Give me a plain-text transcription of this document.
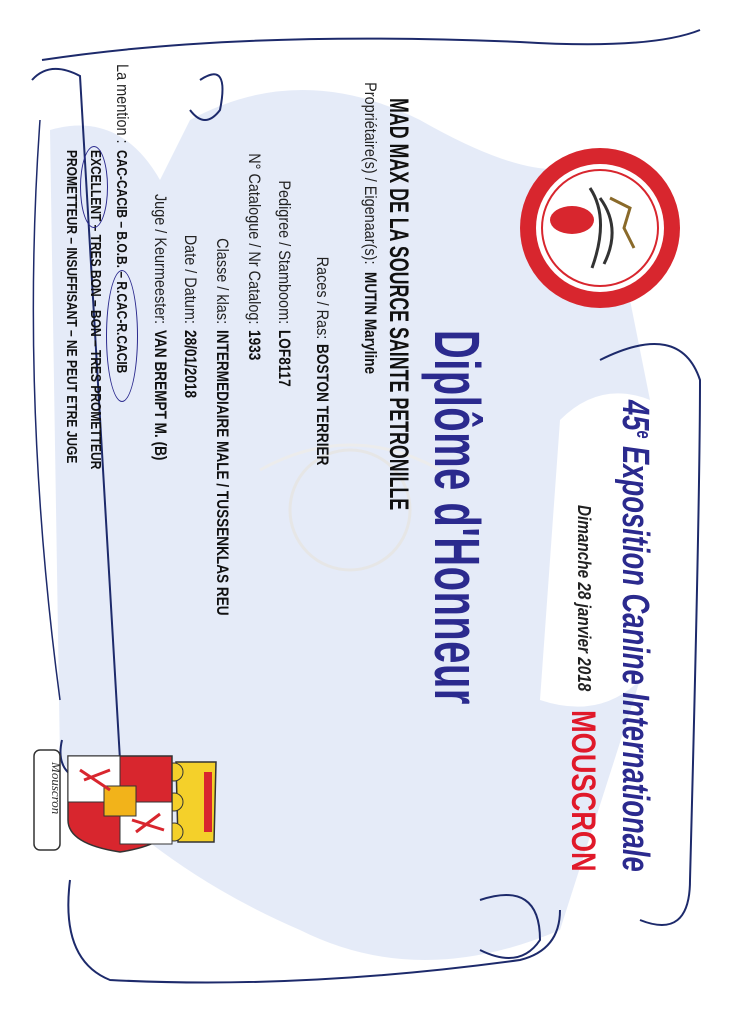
45e Exposition Canine Internationale
Dimanche 28 janvier 2018
MOUSCRON
Diplôme d'Honneur
MAD MAX DE LA SOURCE SAINTE PETRONILLE
Propriétaire(s) / Eigenaar(s):
MUTIN Maryline
Races / Ras:
BOSTON TERRIER
Pedigree / Stamboom:
LOF8117
N° Catalogue / Nr Catalog:
1933
Classe / klas:
INTERMEDIAIRE MALE / TUSSENKLAS REU
Date / Datum:
28/01/2018
Juge / Keurmeester:
VAN BREMPT M. (B)
La mention :
CAC-CACIB – B.O.B. – R.CAC-R.CACIB
EXCELLENT – TRES BON – BON – TRES PROMETTEUR
PROMETTEUR – INSUFFISANT – NE PEUT ETRE JUGE
Mouscron
